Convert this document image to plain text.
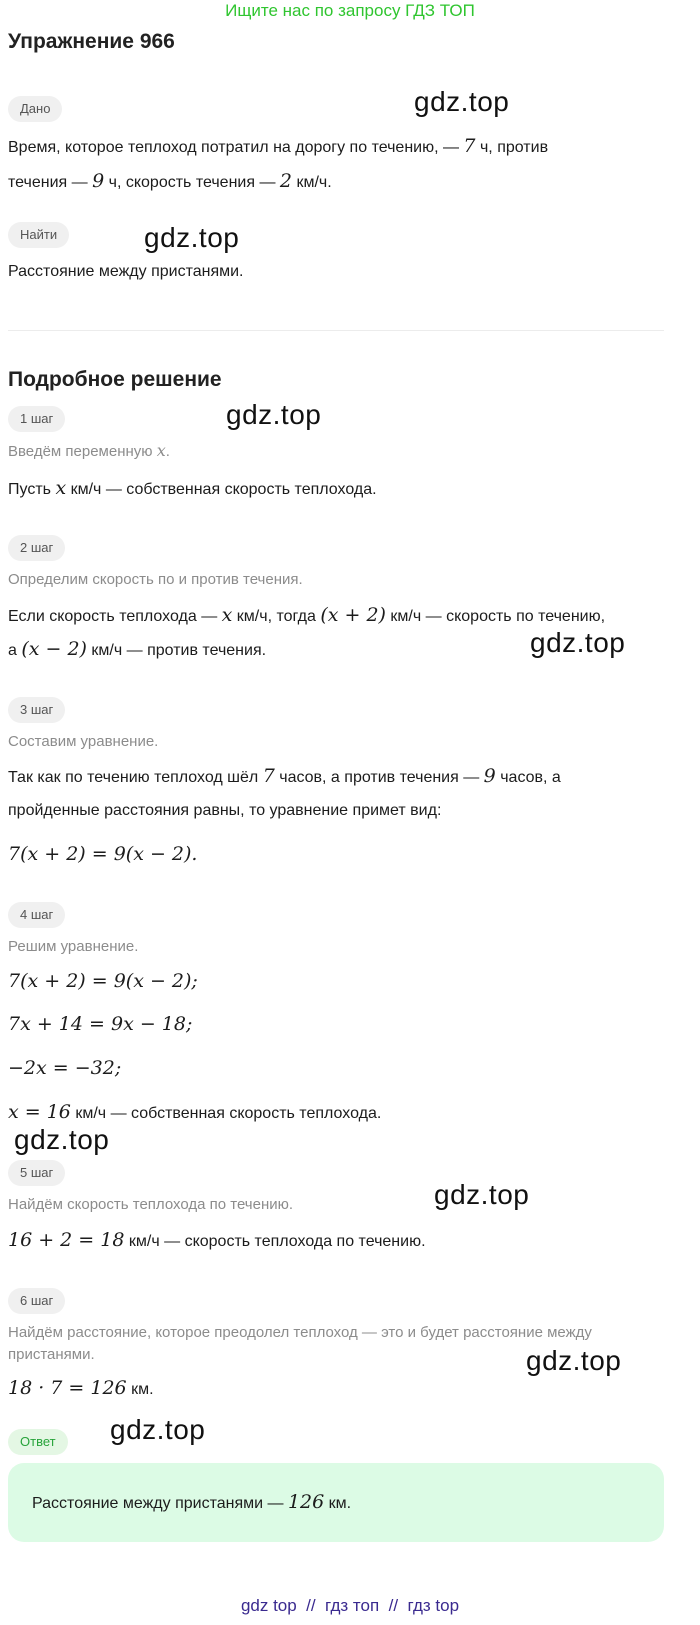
Ищите нас по запросу ГДЗ ТОП
Упражнение 966
Дано	gdz.top
Время, которое теплоход потратил на дорогу по течению, — 7 ч, против
течения — 9 ч, скорость течения — 2 км/ч.
Найти	gdz.top
Расстояние между пристанями.
Подробное решение
1 шаг	gdz.top
Введём переменную x.
Пусть x км/ч — собственная скорость теплохода.
2 шаг
Определим скорость по и против течения.
Если скорость теплохода — x км/ч, тогда (x + 2) км/ч — скорость по течению,
а (x − 2) км/ч — против течения.	gdz.top
3 шаг
Составим уравнение.
Так как по течению теплоход шёл 7 часов, а против течения — 9 часов, а
пройденные расстояния равны, то уравнение примет вид:
7(x + 2) = 9(x − 2).
4 шаг
Решим уравнение.
7(x + 2) = 9(x − 2);
7x + 14 = 9x − 18;
−2x = −32;
x = 16 км/ч — собственная скорость теплохода.
gdz.top
5 шаг
gdz.top
Найдём скорость теплохода по течению.
16 + 2 = 18 км/ч — скорость теплохода по течению.
6 шаг
Найдём расстояние, которое преодолел теплоход — это и будет расстояние между пристанями.	gdz.top
18 · 7 = 126 км.
Ответ	gdz.top
Расстояние между пристанями — 126 км.
gdz top  //  гдз топ  //  гдз top
